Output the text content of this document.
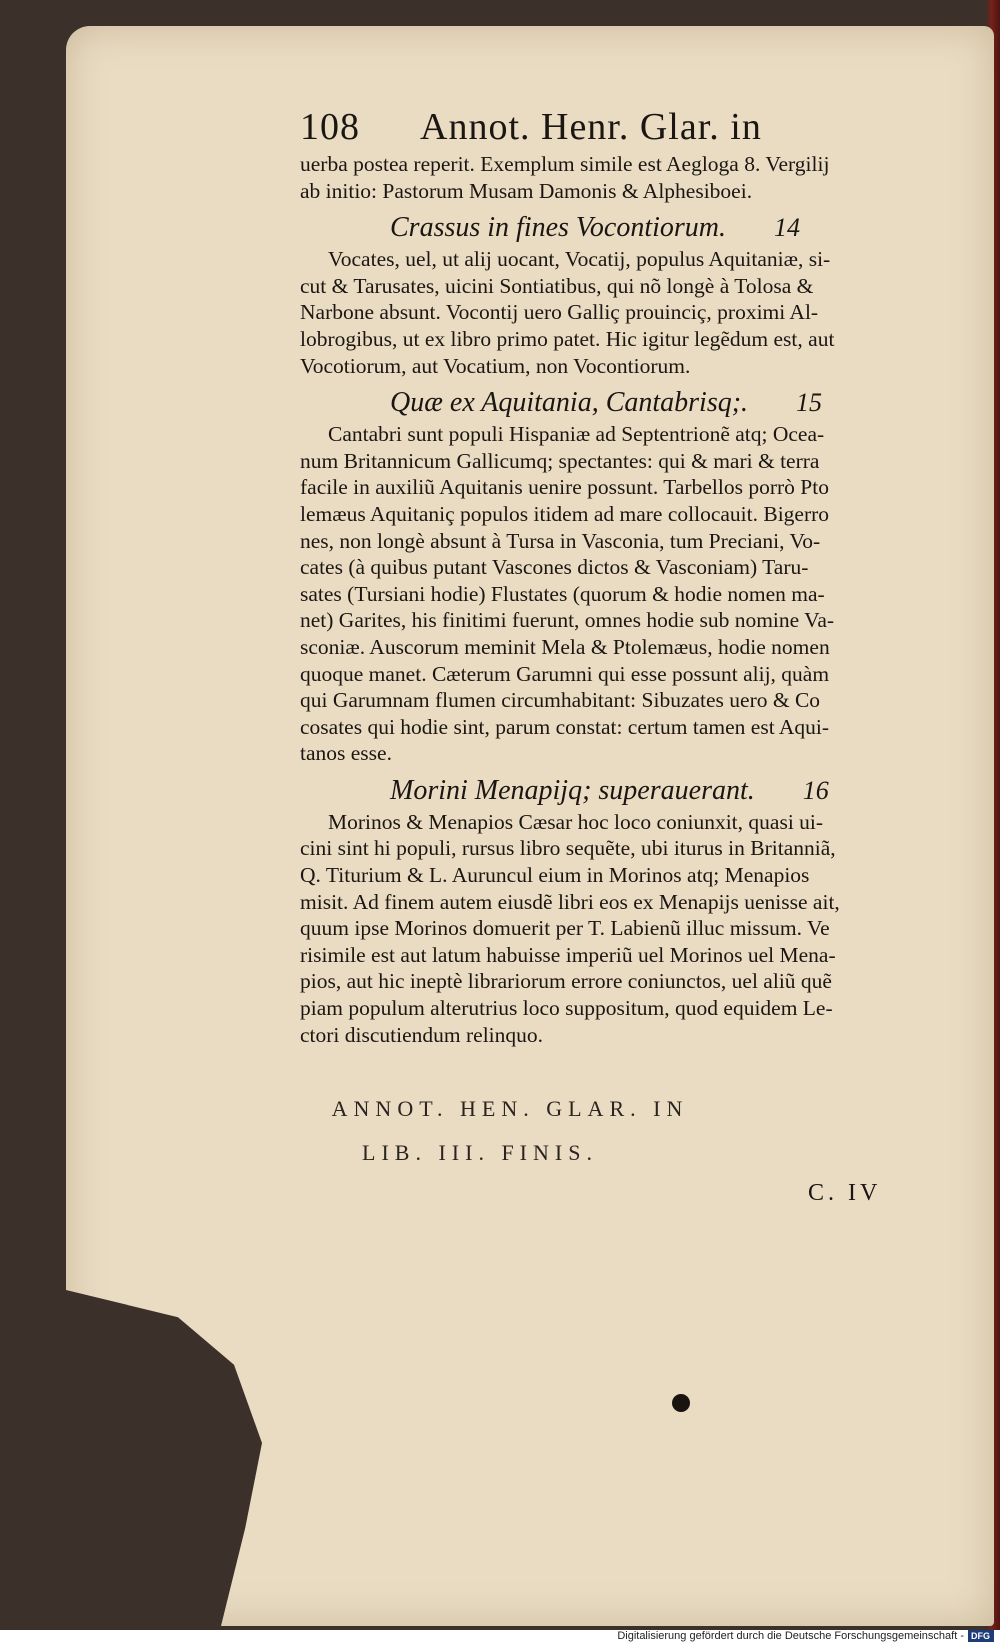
108 Annot. Henr. Glar. in

uerba postea reperit. Exemplum simile est Aegloga 8. Vergilij

ab initio: Pastorum Musam Damonis & Alphesiboei.

Crassus in fines Vocontiorum. 14

Vocates, uel, ut alij uocant, Vocatij, populus Aquitaniæ, si-

cut & Tarusates, uicini Sontiatibus, qui nõ longè à Tolosa &

Narbone absunt. Vocontij uero Galliç prouinciç, proximi Al-

lobrogibus, ut ex libro primo patet. Hic igitur legẽdum est, aut

Vocotiorum, aut Vocatium, non Vocontiorum.

Quæ ex Aquitania, Cantabrisq;. 15

Cantabri sunt populi Hispaniæ ad Septentrionẽ atq; Ocea-

num Britannicum Gallicumq; spectantes: qui & mari & terra

facile in auxiliũ Aquitanis uenire possunt. Tarbellos porrò Pto

lemæus Aquitaniç populos itidem ad mare collocauit. Bigerro

nes, non longè absunt à Tursa in Vasconia, tum Preciani, Vo-

cates (à quibus putant Vascones dictos & Vasconiam) Taru-

sates (Tursiani hodie) Flustates (quorum & hodie nomen ma-

net) Garites, his finitimi fuerunt, omnes hodie sub nomine Va-

sconiæ. Auscorum meminit Mela & Ptolemæus, hodie nomen

quoque manet. Cæterum Garumni qui esse possunt alij, quàm

qui Garumnam flumen circumhabitant: Sibuzates uero & Co

cosates qui hodie sint, parum constat: certum tamen est Aqui-

tanos esse.

Morini Menapijq; superauerant. 16

Morinos & Menapios Cæsar hoc loco coniunxit, quasi ui-

cini sint hi populi, rursus libro sequẽte, ubi iturus in Britanniã,

Q. Titurium & L. Auruncul eium in Morinos atq; Menapios

misit. Ad finem autem eiusdẽ libri eos ex Menapijs uenisse ait,

quum ipse Morinos domuerit per T. Labienũ illuc missum. Ve

risimile est aut latum habuisse imperiũ uel Morinos uel Mena-

pios, aut hic ineptè librariorum errore coniunctos, uel aliũ quẽ

piam populum alterutrius loco suppositum, quod equidem Le-

ctori discutiendum relinquo.

ANNOT. HEN. GLAR. IN
LIB. III. FINIS.
C. IV
Digitalisierung gefördert durch die Deutsche Forschungsgemeinschaft - DFG
